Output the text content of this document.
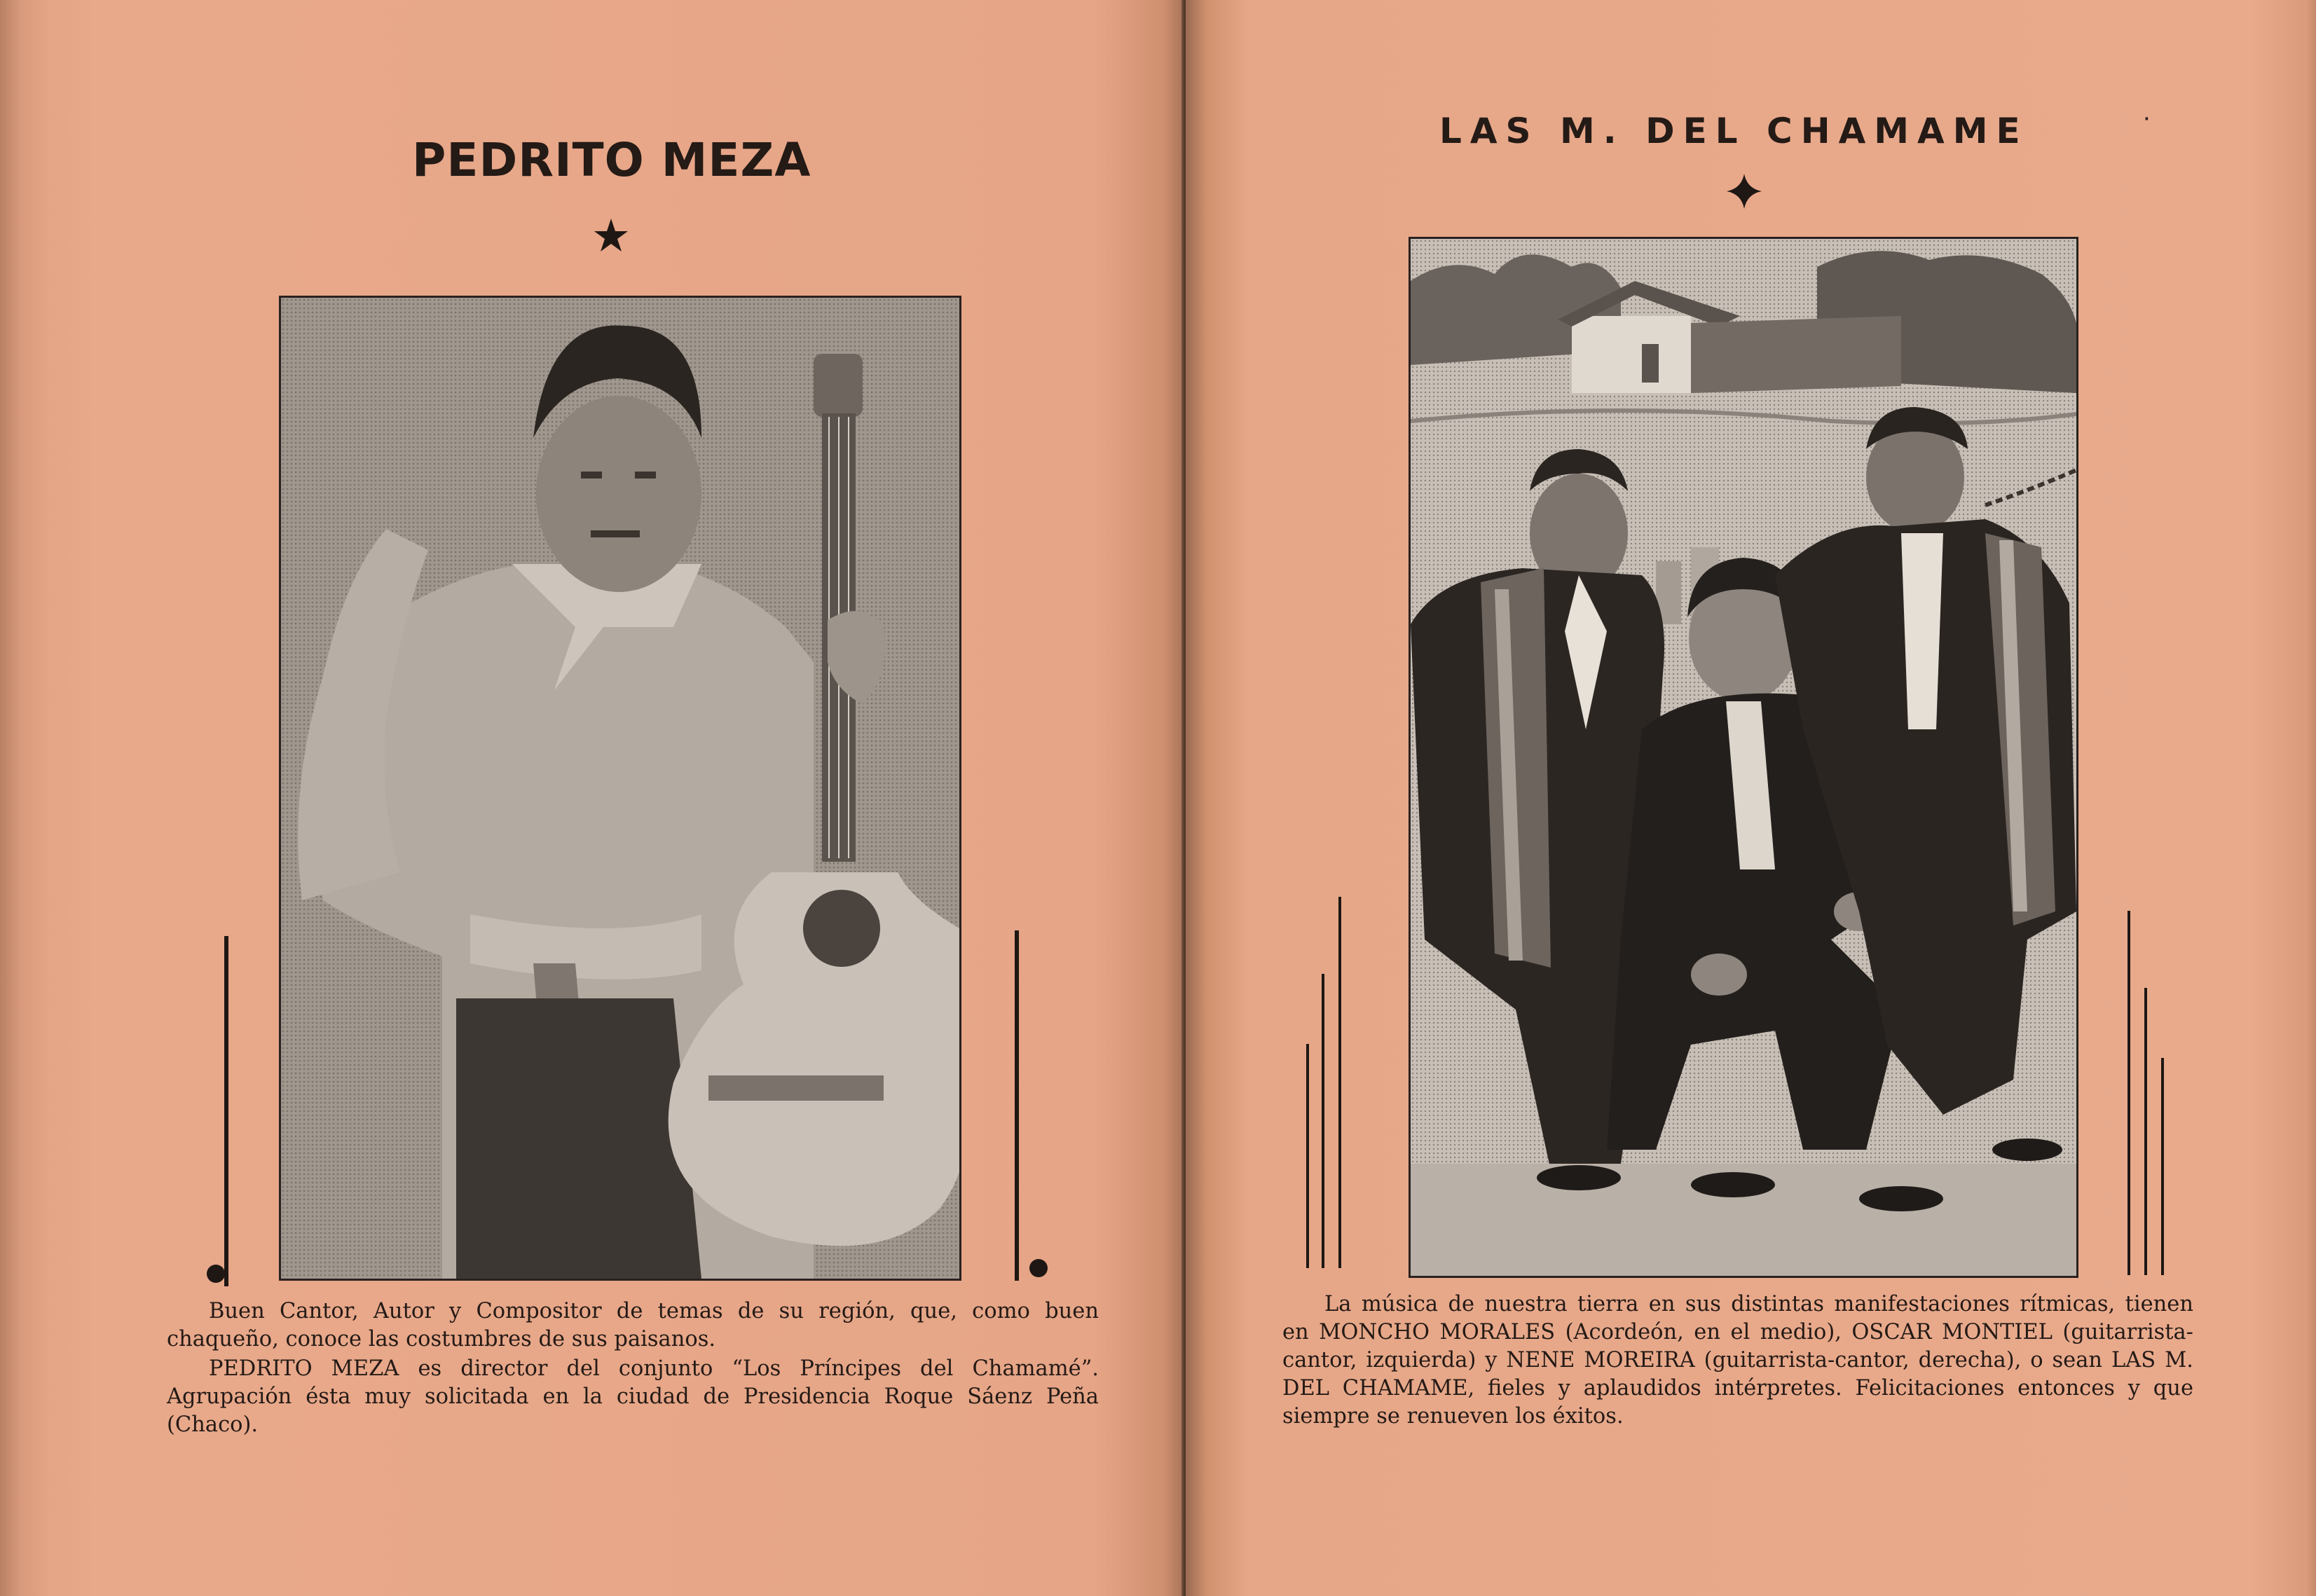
PEDRITO MEZA

Buen Cantor, Autor y Compositor de temas de su región, que, como buen chaqueño, conoce las costumbres de sus paisanos.

PEDRITO MEZA es director del conjunto “Los Príncipes del Chamamé”. Agrupación ésta muy solicitada en la ciudad de Presidencia Roque Sáenz Peña (Chaco).

LAS M. DEL CHAMAME	·

La música de nuestra tierra en sus distintas manifestaciones rítmicas, tienen en MONCHO MORALES (Acordeón, en el medio), OSCAR MONTIEL (guitarrista-cantor, izquierda) y NENE MOREIRA (guitarrista-cantor, derecha), o sean LAS M. DEL CHAMAME, fieles y aplaudidos intérpretes. Felicitaciones entonces y que siempre se renueven los éxitos.
